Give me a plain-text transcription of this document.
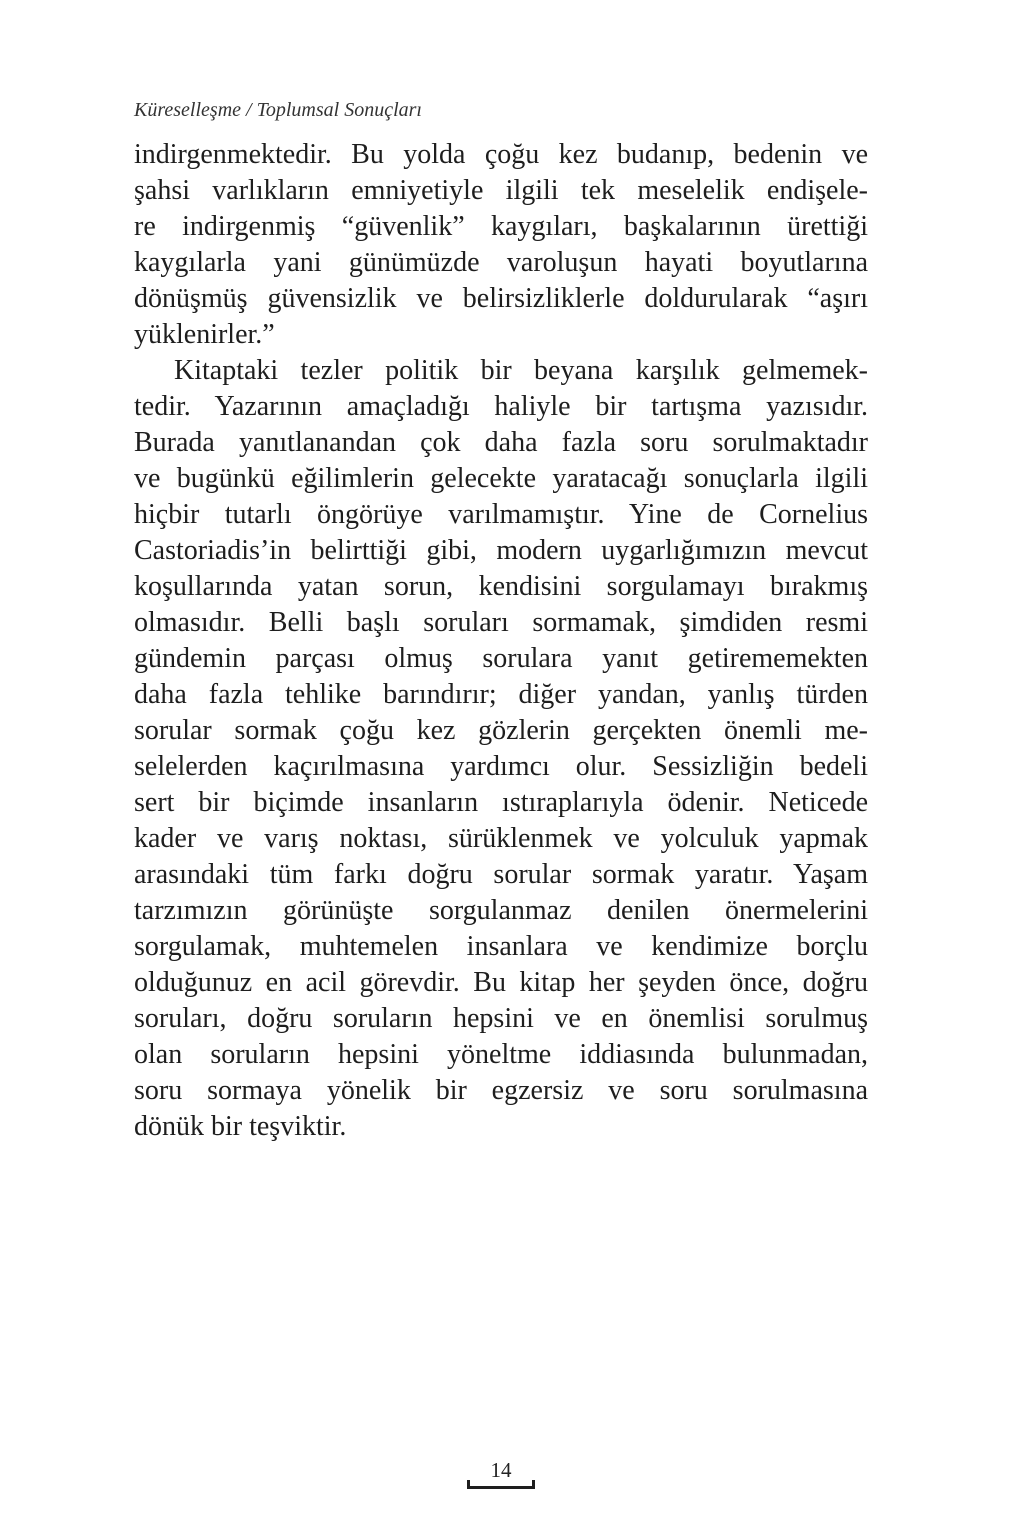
Küreselleşme / Toplumsal Sonuçları
indirgenmektedir. Bu yolda çoğu kez budanıp, bedenin ve
şahsi varlıkların emniyetiyle ilgili tek meselelik endişele-
re indirgenmiş “güvenlik” kaygıları, başkalarının ürettiği
kaygılarla yani günümüzde varoluşun hayati boyutlarına
dönüşmüş güvensizlik ve belirsizliklerle doldurularak “aşırı
yüklenirler.”
Kitaptaki tezler politik bir beyana karşılık gelmemek-
tedir. Yazarının amaçladığı haliyle bir tartışma yazısıdır.
Burada yanıtlanandan çok daha fazla soru sorulmaktadır
ve bugünkü eğilimlerin gelecekte yaratacağı sonuçlarla ilgili
hiçbir tutarlı öngörüye varılmamıştır. Yine de Cornelius
Castoriadis’in belirttiği gibi, modern uygarlığımızın mevcut
koşullarında yatan sorun, kendisini sorgulamayı bırakmış
olmasıdır. Belli başlı soruları sormamak, şimdiden resmi
gündemin parçası olmuş sorulara yanıt getirememekten
daha fazla tehlike barındırır; diğer yandan, yanlış türden
sorular sormak çoğu kez gözlerin gerçekten önemli me-
selelerden kaçırılmasına yardımcı olur. Sessizliğin bedeli
sert bir biçimde insanların ıstıraplarıyla ödenir. Neticede
kader ve varış noktası, sürüklenmek ve yolculuk yapmak
arasındaki tüm farkı doğru sorular sormak yaratır. Yaşam
tarzımızın görünüşte sorgulanmaz denilen önermelerini
sorgulamak, muhtemelen insanlara ve kendimize borçlu
olduğunuz en acil görevdir. Bu kitap her şeyden önce, doğru
soruları, doğru soruların hepsini ve en önemlisi sorulmuş
olan soruların hepsini yöneltme iddiasında bulunmadan,
soru sormaya yönelik bir egzersiz ve soru sorulmasına
dönük bir teşviktir.
14
